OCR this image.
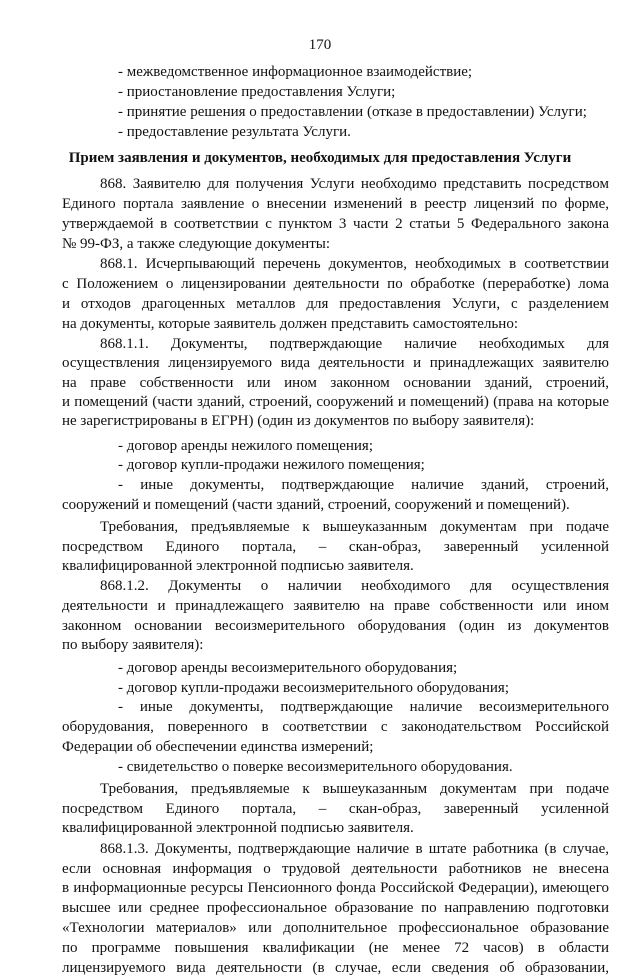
170
Прием заявления и документов, необходимых для предоставления Услуги
- межведомственное информационное взаимодействие;
- приостановление предоставления Услуги;
- принятие решения о предоставлении (отказе в предоставлении) Услуги;
- предоставление результата Услуги.
868. Заявителю для получения Услуги необходимо представить посредством
Единого портала заявление о внесении изменений в реестр лицензий по форме,
утверждаемой в соответствии с пунктом 3 части 2 статьи 5 Федерального закона
№ 99-ФЗ, а также следующие документы:
868.1. Исчерпывающий перечень документов, необходимых в соответствии
с Положением о лицензировании деятельности по обработке (переработке) лома
и отходов драгоценных металлов для предоставления Услуги, с разделением
на документы, которые заявитель должен представить самостоятельно:
868.1.1. Документы, подтверждающие наличие необходимых для
осуществления лицензируемого вида деятельности и принадлежащих заявителю
на праве собственности или ином законном основании зданий, строений,
и помещений (части зданий, строений, сооружений и помещений) (права на которые
не зарегистрированы в ЕГРН) (один из документов по выбору заявителя):
- договор аренды нежилого помещения;
- договор купли-продажи нежилого помещения;
- иные документы, подтверждающие наличие зданий, строений,
сооружений и помещений (части зданий, строений, сооружений и помещений).
Требования, предъявляемые к вышеуказанным документам при подаче
посредством Единого портала, – скан-образ, заверенный усиленной
квалифицированной электронной подписью заявителя.
868.1.2. Документы о наличии необходимого для осуществления
деятельности и принадлежащего заявителю на праве собственности или ином
законном основании весоизмерительного оборудования (один из документов
по выбору заявителя):
- договор аренды весоизмерительного оборудования;
- договор купли-продажи весоизмерительного оборудования;
- иные документы, подтверждающие наличие весоизмерительного
оборудования, поверенного в соответствии с законодательством Российской
Федерации об обеспечении единства измерений;
- свидетельство о поверке весоизмерительного оборудования.
Требования, предъявляемые к вышеуказанным документам при подаче
посредством Единого портала, – скан-образ, заверенный усиленной
квалифицированной электронной подписью заявителя.
868.1.3. Документы, подтверждающие наличие в штате работника (в случае,
если основная информация о трудовой деятельности работников не внесена
в информационные ресурсы Пенсионного фонда Российской Федерации), имеющего
высшее или среднее профессиональное образование по направлению подготовки
«Технологии материалов» или дополнительное профессиональное образование
по программе повышения квалификации (не менее 72 часов) в области
лицензируемого вида деятельности (в случае, если сведения об образовании,
